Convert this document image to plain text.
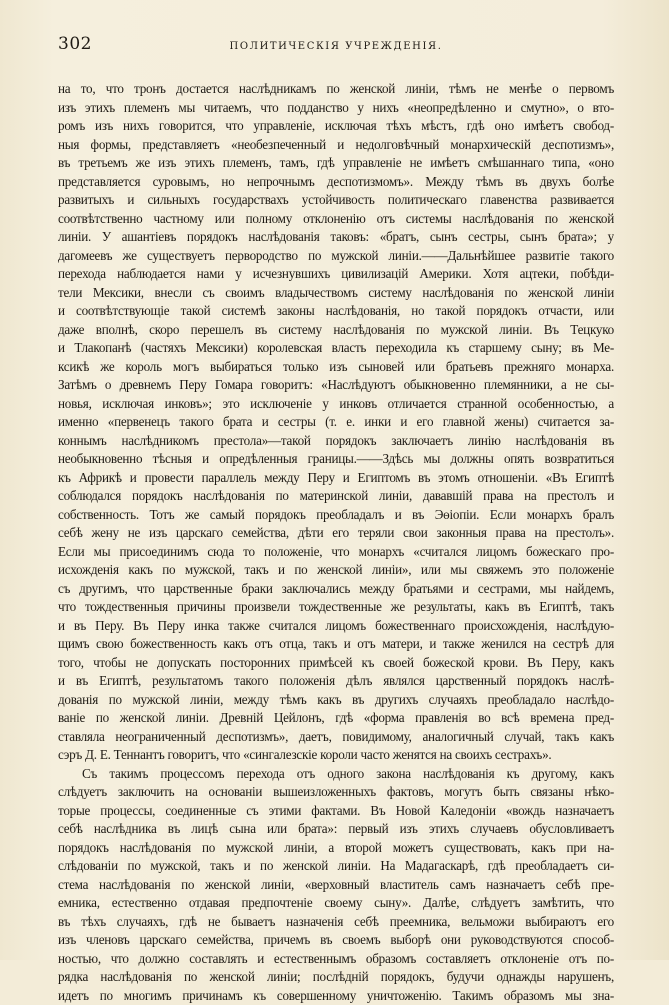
302	ПОЛИТИЧЕСКІЯ УЧРЕЖДЕНІЯ.
на то, что тронъ достается наслѣдникамъ по женской линіи, тѣмъ не менѣе о первомъ
изъ этихъ племенъ мы читаемъ, что подданство у нихъ «неопредѣленно и смутно», о вто-
ромъ изъ нихъ говорится, что управленіе, исключая тѣхъ мѣстъ, гдѣ оно имѣетъ свобод-
ныя формы, представляетъ «необезпеченный и недолговѣчный монархическій деспотизмъ»,
въ третьемъ же изъ этихъ племенъ, тамъ, гдѣ управленіе не имѣетъ смѣшаннаго типа, «оно
представляется суровымъ, но непрочнымъ деспотизмомъ». Между тѣмъ въ двухъ болѣе
развитыхъ и сильныхъ государствахъ устойчивость политическаго главенства развивается
соотвѣтственно частному или полному отклоненію отъ системы наслѣдованія по женской
линіи. У ашантіевъ порядокъ наслѣдованія таковъ: «братъ, сынъ сестры, сынъ брата»; у
дагомеевъ же существуетъ первородство по мужской линіи.——Дальнѣйшее развитіе такого
перехода наблюдается нами у исчезнувшихъ цивилизацій Америки. Хотя ацтеки, побѣди-
тели Мексики, внесли съ своимъ владычествомъ систему наслѣдованія по женской линіи
и соотвѣтствующіе такой системѣ законы наслѣдованія, но такой порядокъ отчасти, или
даже вполнѣ, скоро перешелъ въ систему наслѣдованія по мужской линіи. Въ Тецкуко
и Тлакопанѣ (частяхъ Мексики) королевская власть переходила къ старшему сыну; въ Ме-
ксикѣ же король могъ выбираться только изъ сыновей или братьевъ прежняго монарха.
Затѣмъ о древнемъ Перу Гомара говоритъ: «Наслѣдуютъ обыкновенно племянники, а не сы-
новья, исключая инковъ»; это исключеніе у инковъ отличается странной особенностью, а
именно «первенецъ такого брата и сестры (т. е. инки и его главной жены) считается за-
коннымъ наслѣдникомъ престола»—такой порядокъ заключаетъ линію наслѣдованія въ
необыкновенно тѣсныя и опредѣленныя границы.——Здѣсь мы должны опять возвратиться
къ Африкѣ и провести параллель между Перу и Египтомъ въ этомъ отношеніи. «Въ Египтѣ
соблюдался порядокъ наслѣдованія по материнской линіи, дававшій права на престолъ и
собственность. Тотъ же самый порядокъ преобладалъ и въ Эѳіопіи. Если монархъ бралъ
себѣ жену не изъ царскаго семейства, дѣти его теряли свои законныя права на престолъ».
Если мы присоединимъ сюда то положеніе, что монархъ «считался лицомъ божескаго про-
исхожденія какъ по мужской, такъ и по женской линіи», или мы свяжемъ это положеніе
съ другимъ, что царственные браки заключались между братьями и сестрами, мы найдемъ,
что тождественныя причины произвели тождественные же результаты, какъ въ Египтѣ, такъ
и въ Перу. Въ Перу инка также считался лицомъ божественнаго происхожденія, наслѣдую-
щимъ свою божественность какъ отъ отца, такъ и отъ матери, и также женился на сестрѣ для
того, чтобы не допускать посторонних примѣсей къ своей божеской крови. Въ Перу, какъ
и въ Египтѣ, результатомъ такого положенія дѣлъ являлся царственный порядокъ наслѣ-
дованія по мужской линіи, между тѣмъ какъ въ другихъ случаяхъ преобладало наслѣдо-
ваніе по женской линіи. Древній Цейлонъ, гдѣ «форма правленія во всѣ времена пред-
ставляла неограниченный деспотизмъ», даетъ, повидимому, аналогичный случай, такъ какъ
сэръ Д. Е. Теннантъ говоритъ, что «сингалезскіе короли часто женятся на своихъ сестрахъ».
Съ такимъ процессомъ перехода отъ одного закона наслѣдованія къ другому, какъ
слѣдуетъ заключить на основаніи вышеизложенныхъ фактовъ, могутъ быть связаны нѣко-
торые процессы, соединенные съ этими фактами. Въ Новой Каледоніи «вождь назначаетъ
себѣ наслѣдника въ лицѣ сына или брата»: первый изъ этихъ случаевъ обусловливаетъ
порядокъ наслѣдованія по мужской линіи, а второй можетъ существовать, какъ при на-
слѣдованіи по мужской, такъ и по женской линіи. На Мадагаскарѣ, гдѣ преобладаетъ си-
стема наслѣдованія по женской линіи, «верховный властитель самъ назначаетъ себѣ пре-
емника, естественно отдавая предпочтеніе своему сыну». Далѣе, слѣдуетъ замѣтить, что
въ тѣхъ случаяхъ, гдѣ не бываетъ назначенія себѣ преемника, вельможи выбираютъ его
изъ членовъ царскаго семейства, причемъ въ своемъ выборѣ они руководствуются способ-
ностью, что должно составлять и естественнымъ образомъ составляетъ отклоненіе отъ по-
рядка наслѣдованія по женской линіи; послѣдній порядокъ, будучи однажды нарушенъ,
идетъ по многимъ причинамъ къ совершенному уничтоженію. Такимъ образомъ мы зна-
